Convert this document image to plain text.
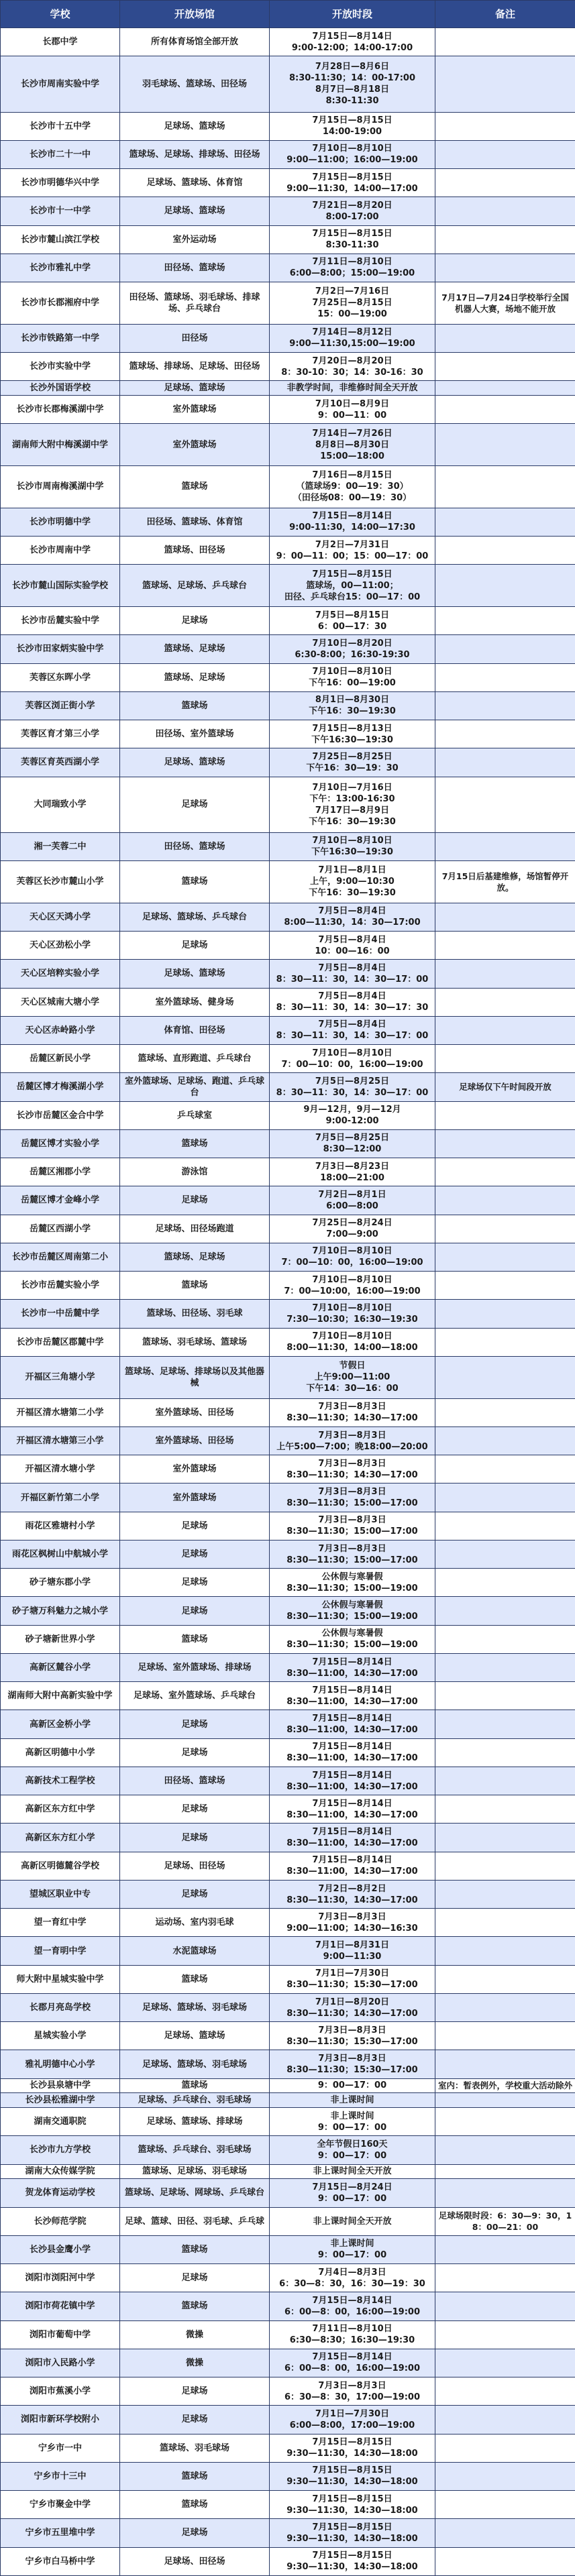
学校	开放场馆	开放时段	备注
长郡中学	所有体育场馆全部开放	7月15日—8月14日
9:00-12:00；14:00-17:00	
长沙市周南实验中学	羽毛球场、篮球场、田径场	7月28日—8月6日
8:30-11:30；14：00-17:00
8月7日—8月18日
8:30-11:30	
长沙市十五中学	足球场、篮球场	7月15日—8月15日
14:00-19:00	
长沙市二十一中	篮球场、足球场、排球场、田径场	7月10日—8月10日
9:00—11:00；16:00—19:00	
长沙市明德华兴中学	足球场、篮球场、体育馆	7月15日—8月15日
9:00—11:30，14:00—17:00	
长沙市十一中学	足球场、篮球场	7月21日—8月20日
8:00-17:00	
长沙市麓山滨江学校	室外运动场	7月15日—8月15日
8:30-11:30	
长沙市雅礼中学	田径场、篮球场	7月11日—8月10日
6:00—8:00；15:00—19:00	
长沙市长郡湘府中学	田径场、篮球场、羽毛球场、排球场、乒乓球台	7月2日—7月16日
7月25日—8月15日
15：00—19:00	7月17日—7月24日学校举行全国机器人大赛，场地不能开放
长沙市铁路第一中学	田径场	7月14日—8月12日
9:00—11:30,15:00—19:00	
长沙市实验中学	篮球场、排球场、足球场、田径场	7月20日—8月20日
8：30-10：30；14：30-16：30	
长沙外国语学校	足球场、篮球场	非教学时间，非维修时间全天开放	
长沙市长郡梅溪湖中学	室外篮球场	7月10日—8月9日
9：00—11：00	
湖南师大附中梅溪湖中学	室外篮球场	7月14日—7月26日
8月8日—8月30日
15:00—18:00	
长沙市周南梅溪湖中学	篮球场	7月16日—8月15日
（篮球场9：00—19：30）
（田径场08：00—19：30）	
长沙市明德中学	田径场、篮球场、体育馆	7月15日—8月14日
9:00-11:30，14:00—17:30	
长沙市周南中学	篮球场、田径场	7月2日—7月31日
9：00—11：00；15：00—17：00	
长沙市麓山国际实验学校	篮球场、足球场、乒乓球台	7月15日—8月15日
篮球场，00—11:00；
田径、乒乓球台15：00—17：00	
长沙市岳麓实验中学	足球场	7月5日—8月15日
6：00—17：30	
长沙市田家炳实验中学	篮球场、足球场	7月10日—8月20日
6:30-8:00；16:30-19:30	
芙蓉区东晖小学	篮球场、足球场	7月10日—8月10日
下午16：00—19:00	
芙蓉区浏正街小学	篮球场	8月1日—8月30日
下午16：30—19:30	
芙蓉区育才第三小学	田径场、室外篮球场	7月15日—8月13日
下午16:30—19:30	
芙蓉区育英西湖小学	足球场、篮球场	7月25日—8月25日
下午16：30—19：30	
大同瑞致小学	足球场	7月10日—7月16日
下午：13:00-16:30
7月17日—8月9日
下午16：30—19:30	
湘一芙蓉二中	田径场、篮球场	7月10日—8月10日
下午16:30—19:30	
芙蓉区长沙市麓山小学	篮球场	7月1日—8月1日
上午，9:00—10:30
下午16：30—19:30	7月15日后基建维修，场馆暂停开放。
天心区天鸿小学	足球场、篮球场、乒乓球台	7月5日—8月4日
8:00—11:30，14：30—17:00	
天心区劲松小学	足球场	7月5日—8月4日
10：00—16：00	
天心区培粹实验小学	足球场、篮球场	7月5日—8月4日
8：30—11：30，14：30—17：00	
天心区城南大塘小学	室外篮球场、健身场	7月5日—8月4日
8：30—11：30，14：30—17：30	
天心区赤岭路小学	体育馆、田径场	7月5日—8月4日
8：30—11：30，14：30—17：00	
岳麓区新民小学	篮球场、直形跑道、乒乓球台	7月10日—8月10日
7：00—10：00，16:00—19:00	
岳麓区博才梅溪湖小学	室外篮球场、足球场、跑道、乒乓球台	7月5日—8月25日
8：30—11：30，14：30—17：00	足球场仅下午时间段开放
长沙市岳麓区金合中学	乒乓球室	9月—12月，9月—12月
9:00-12:00	
岳麓区博才实验小学	篮球场	7月5日—8月25日
8:30—12:00	
岳麓区湘郡小学	游泳馆	7月3日—8月23日
18:00—21:00	
岳麓区博才金峰小学	足球场	7月2日—8月1日
6:00—8:00	
岳麓区西湖小学	足球场、田径场跑道	7月25日—8月24日
7:00—9:00	
长沙市岳麓区周南第二小	篮球场、足球场	7月10日—8月10日
7：00—10：00，16:00—19:00	
长沙市岳麓实验小学	篮球场	7月10日—8月10日
7：00—10:00，16:00—19:00	
长沙市一中岳麓中学	篮球场、田径场、羽毛球	7月10日—8月10日
7:30—10:30；16:30—19:30	
长沙市岳麓区郡麓中学	篮球场、羽毛球场、篮球场	7月10日—8月10日
8:00—11:30，14:00—18:00	
开福区三角塘小学	篮球场、足球场、排球场以及其他器械	节假日
上午9:00—11:00
下午14：30—16：00	
开福区清水塘第二小学	室外篮球场、田径场	7月3日—8月3日
8:30—11:30；14:30—17:00	
开福区清水塘第三小学	室外篮球场、田径场	7月3日—8月3日
上午5:00—7:00；晚18:00—20:00	
开福区清水塘小学	室外篮球场	7月3日—8月3日
8:30—11:30；14:30—17:00	
开福区新竹第二小学	室外篮球场	7月3日—8月3日
8:30—11:30；15:00—17:00	
雨花区雅塘村小学	足球场	7月3日—8月3日
8:30—11:30；15:00—17:00	
雨花区枫树山中航城小学	足球场	7月3日—8月3日
8:30—11:30；15:00—17:00	
砂子塘东郡小学	足球场	公休假与寒暑假
8:30—11:30；15:00—19:00	
砂子塘万科魅力之城小学	足球场	公休假与寒暑假
8:30—11:30；15:00—19:00	
砂子塘新世界小学	篮球场	公休假与寒暑假
8:30—11:30；15:00—19:00	
高新区麓谷小学	足球场、室外篮球场、排球场	7月15日—8月14日
8:30—11:00，14:30—17:00	
湖南师大附中高新实验中学	足球场、室外篮球场、乒乓球台	7月15日—8月14日
8:30—11:00，14:30—17:00	
高新区金桥小学	足球场	7月15日—8月14日
8:30—11:00，14:30—17:00	
高新区明德中小学	足球场	7月15日—8月14日
8:30—11:00，14:30—17:00	
高新技术工程学校	田径场、篮球场	7月15日—8月14日
8:30—11:00，14:30—17:00	
高新区东方红中学	足球场	7月15日—8月14日
8:30—11:00，14:30—17:00	
高新区东方红小学	足球场	7月15日—8月14日
8:30—11:00，14:30—17:00	
高新区明德麓谷学校	足球场、田径场	7月15日—8月14日
8:30—11:00，14:30—17:00	
望城区职业中专	足球场	7月2日—8月2日
8:30—11:30，14:30—17:00	
望一育红中学	运动场、室内羽毛球	7月3日—8月3日
9:00—11:00；14:30—16:30	
望一育明中学	水泥篮球场	7月1日—8月31日
9:00—11:30	
师大附中星城实验中学	篮球场	7月1日—7月30日
8:30—11:30；15:30—17:00	
长郡月亮岛学校	足球场、篮球场、羽毛球场	7月1日—8月20日
8:30—11:30；14:30—17:00	
星城实验小学	足球场、篮球场	7月3日—8月3日
8:30—11:30；15:30—17:00	
雅礼明德中心小学	足球场、篮球场、羽毛球场	7月3日—8月3日
8:30—11:30；15:30—17:00	
长沙县泉塘中学	篮球场	9：00—17：00	室内：暂表例外，学校重大活动除外
长沙县松雅湖中学	足球场、乒乓球台、羽毛球场	非上课时间	
湖南交通职院	足球场、篮球场、排球场	非上课时间
9：00—17：00	
长沙市九方学校	篮球场、乒乓球台、羽毛球场	全年节假日160天
9：00—17：00	
湖南大众传媒学院	篮球场、足球场、羽毛球场	非上课时间全天开放	
贺龙体育运动学校	篮球场、足球场、网球场、乒乓球台	7月15日—8月24日
9：00—17：00	
长沙师范学院	足球、篮球、田径、羽毛球、乒乓球	非上课时间全天开放	足球场限时段：6：30—9：30，18：00—21：00
长沙县金鹰小学	篮球场	非上课时间
9：00—17：00	
浏阳市浏阳河中学	足球场	7月4日—8月3日
6：30—8：30，16：30—19：30	
浏阳市荷花镇中学	篮球场	7月15日—8月14日
6：00—8：00，16:00—19:00	
浏阳市葡萄中学	微操	7月11日—8月10日
6:30—8:30；16:30—19:30	
浏阳市入民路小学	微操	7月15日—8月14日
6：00—8：00，16:00—19:00	
浏阳市蕉溪小学	足球场	7月3日—8月3日
6：30—8：30，17:00—19:00	
浏阳市新环学校附小	足球场	7月1日—7月30日
6:00—8:00，17:00—19:00	
宁乡市一中	篮球场、羽毛球场	7月15日—8月15日
9:30—11:30，14:30—18:00	
宁乡市十三中	篮球场	7月15日—8月15日
9:30—11:30，14:30—18:00	
宁乡市聚金中学	篮球场	7月15日—8月15日
9:30—11:30，14:30—18:00	
宁乡市五里堆中学	足球场	7月15日—8月15日
9:30—11:30，14:30—18:00	
宁乡市白马桥中学	足球场、田径场	7月15日—8月15日
9:30—11:30，14:30—18:00	
